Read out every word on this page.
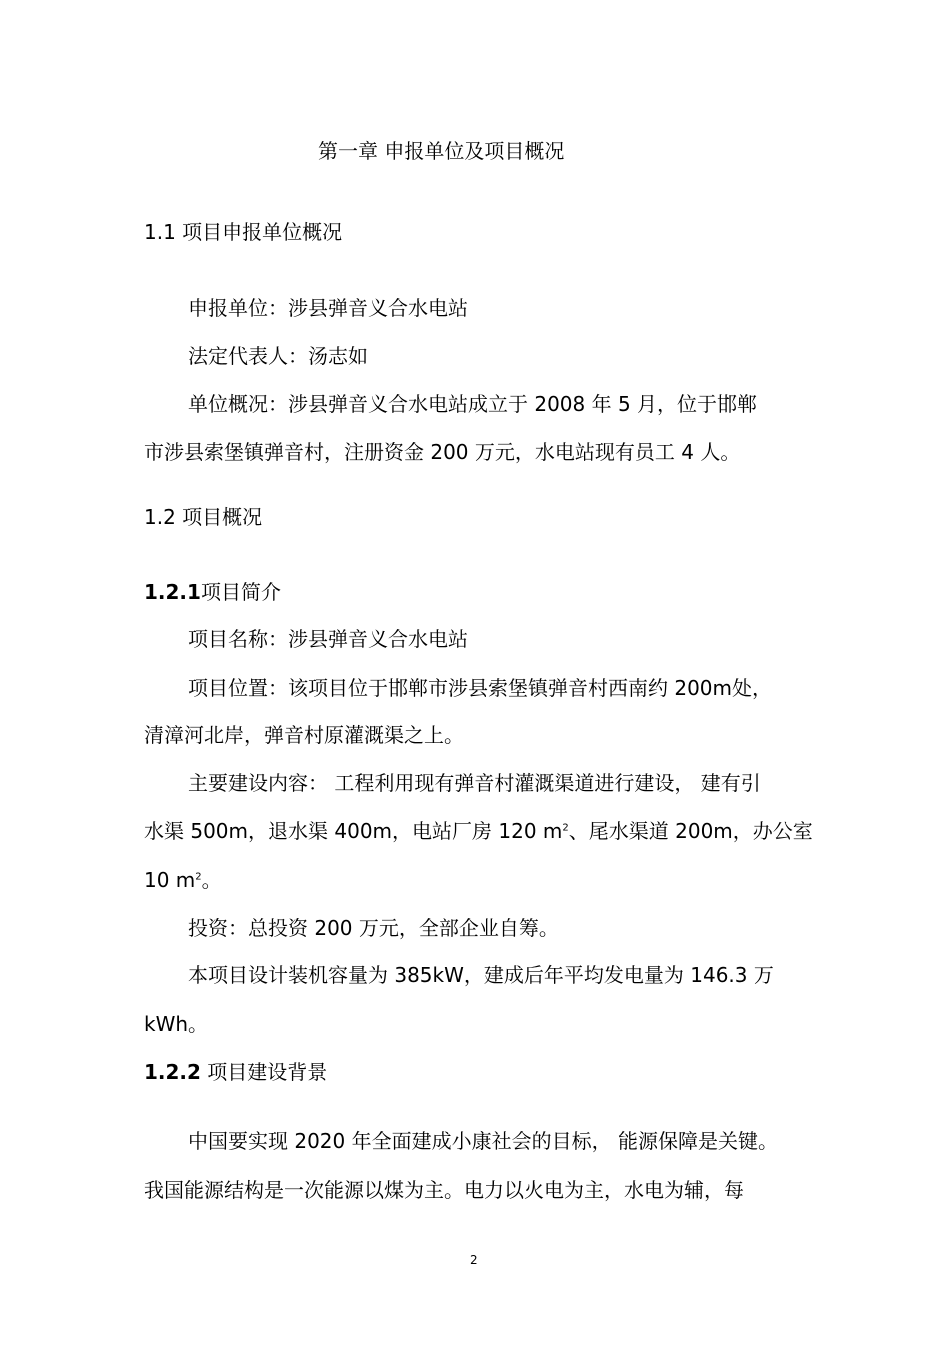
第一章 申报单位及项目概况
1.1 项目申报单位概况
申报单位：涉县弹音义合水电站
法定代表人：汤志如
单位概况：涉县弹音义合水电站成立于 2008 年 5 月，位于邯郸
市涉县索堡镇弹音村，注册资金 200 万元，水电站现有员工 4 人。
1.2 项目概况
1.2.1项目简介
项目名称：涉县弹音义合水电站
项目位置：该项目位于邯郸市涉县索堡镇弹音村西南约 200m处，
清漳河北岸，弹音村原灌溉渠之上。
主要建设内容： 工程利用现有弹音村灌溉渠道进行建设， 建有引
水渠 500m，退水渠 400m，电站厂房 120 $m^2$、尾水渠道 200m，办公室
10 $m^2$。
投资：总投资 200 万元，全部企业自筹。
本项目设计装机容量为 385kW，建成后年平均发电量为 146.3 万
kWh。
1.2.2 项目建设背景
中国要实现 2020 年全面建成小康社会的目标， 能源保障是关键。
我国能源结构是一次能源以煤为主。电力以火电为主，水电为辅，每
2
